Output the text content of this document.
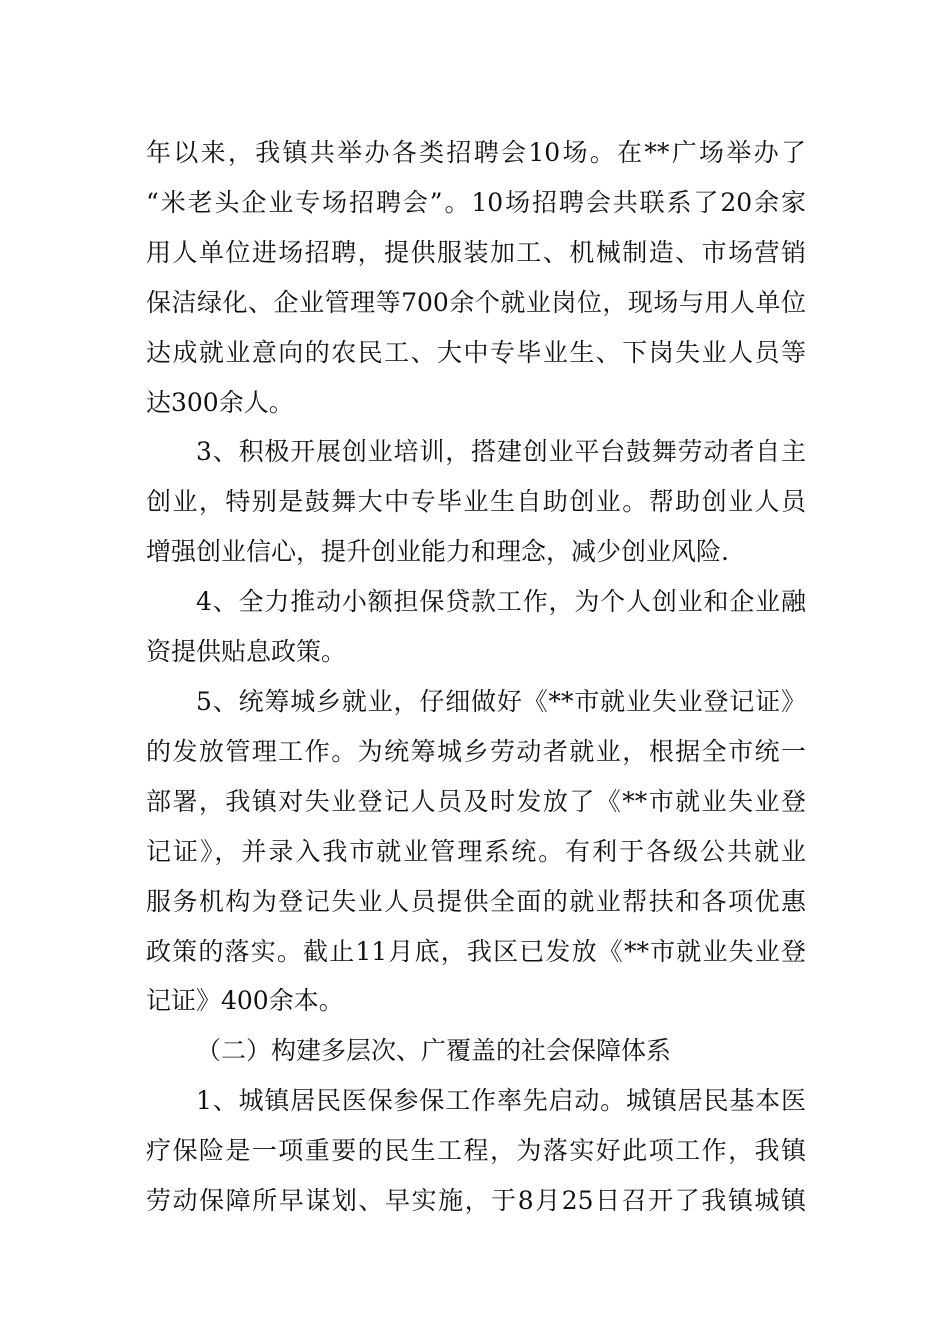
年以来，我镇共举办各类招聘会10场。在**广场举办了
“米老头企业专场招聘会”。10场招聘会共联系了20余家
用人单位进场招聘，提供服装加工、机械制造、市场营销
保洁绿化、企业管理等700余个就业岗位，现场与用人单位
达成就业意向的农民工、大中专毕业生、下岗失业人员等
达300余人。
3、积极开展创业培训，搭建创业平台鼓舞劳动者自主
创业，特别是鼓舞大中专毕业生自助创业。帮助创业人员
增强创业信心，提升创业能力和理念，减少创业风险.
4、全力推动小额担保贷款工作，为个人创业和企业融
资提供贴息政策。
5、统筹城乡就业，仔细做好《**市就业失业登记证》
的发放管理工作。为统筹城乡劳动者就业，根据全市统一
部署，我镇对失业登记人员及时发放了《**市就业失业登
记证》，并录入我市就业管理系统。有利于各级公共就业
服务机构为登记失业人员提供全面的就业帮扶和各项优惠
政策的落实。截止11月底，我区已发放《**市就业失业登
记证》400余本。
（二）构建多层次、广覆盖的社会保障体系
1、城镇居民医保参保工作率先启动。城镇居民基本医
疗保险是一项重要的民生工程，为落实好此项工作，我镇
劳动保障所早谋划、早实施，于8月25日召开了我镇城镇
